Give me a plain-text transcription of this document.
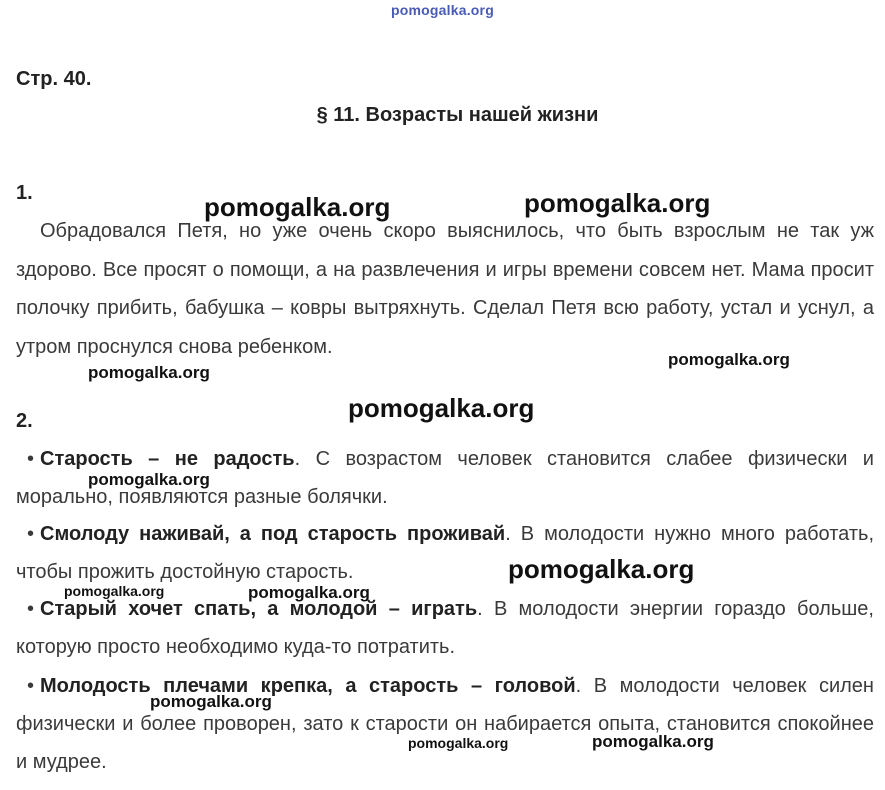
pomogalka.org
Стр. 40.
§ 11. Возрасты нашей жизни
1.

Обрадовался Петя, но уже очень скоро выяснилось, что быть взрослым не так уж здорово. Все просят о помощи, а на развлечения и игры времени совсем нет. Мама просит полочку прибить, бабушка – ковры вытряхнуть. Сделал Петя всю работу, устал и уснул, а утром проснулся снова ребенком.

2.

• Старость – не радость. С возрастом человек становится слабее физически и морально, появляются разные болячки.

• Смолоду наживай, а под старость проживай. В молодости нужно много работать, чтобы прожить достойную старость.

• Старый хочет спать, а молодой – играть. В молодости энергии гораздо больше, которую просто необходимо куда-то потратить.

• Молодость плечами крепка, а старость – головой. В молодости человек силен физически и более проворен, зато к старости он набирается опыта, становится спокойнее и мудрее.

pomogalka.org	pomogalka.org
pomogalka.org
pomogalka.org
pomogalka.org
pomogalka.org
pomogalka.org
pomogalka.org	pomogalka.org
pomogalka.org
pomogalka.org	pomogalka.org
